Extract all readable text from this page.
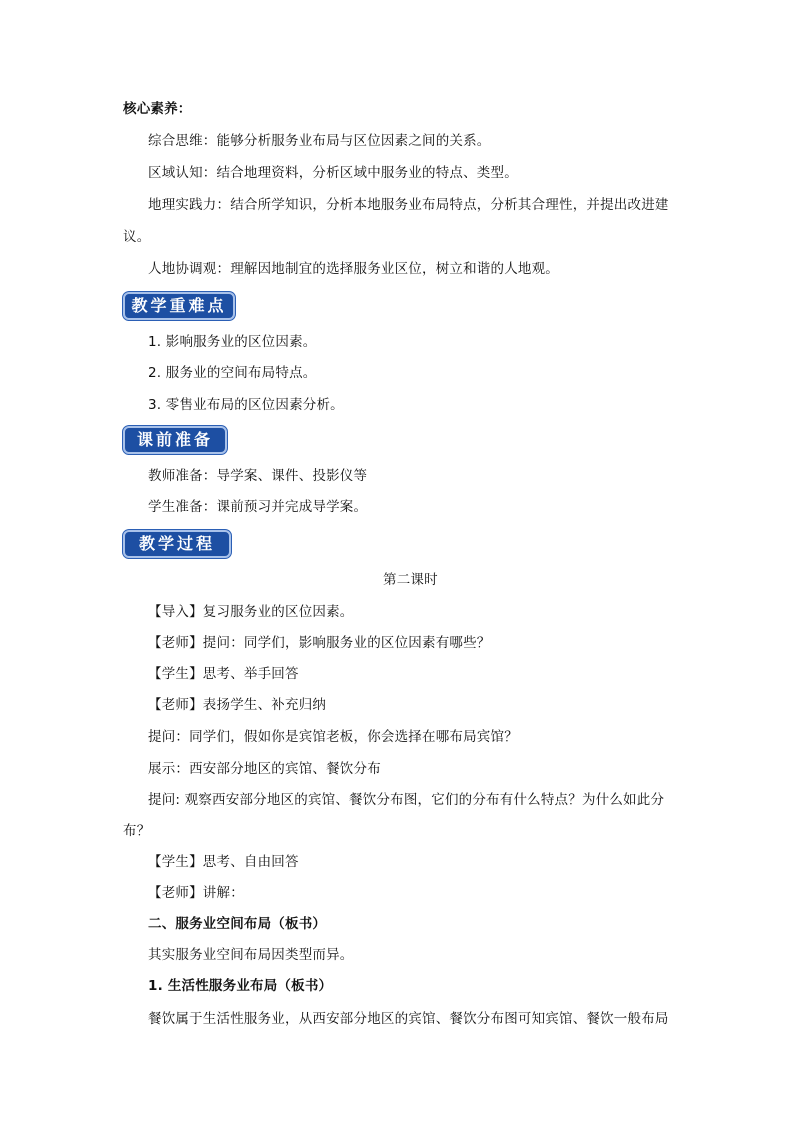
核心素养：
综合思维：能够分析服务业布局与区位因素之间的关系。
区域认知：结合地理资料，分析区域中服务业的特点、类型。
地理实践力：结合所学知识，分析本地服务业布局特点，分析其合理性，并提出改进建
议。
人地协调观：理解因地制宜的选择服务业区位，树立和谐的人地观。
教学重难点
1. 影响服务业的区位因素。
2. 服务业的空间布局特点。
3. 零售业布局的区位因素分析。
课前准备
教师准备：导学案、课件、投影仪等
学生准备：课前预习并完成导学案。
教学过程
第二课时
【导入】复习服务业的区位因素。
【老师】提问：同学们，影响服务业的区位因素有哪些？
【学生】思考、举手回答
【老师】表扬学生、补充归纳
提问：同学们，假如你是宾馆老板，你会选择在哪布局宾馆？
展示：西安部分地区的宾馆、餐饮分布
提问: 观察西安部分地区的宾馆、餐饮分布图，它们的分布有什么特点？为什么如此分
布？
【学生】思考、自由回答
【老师】讲解：
二、服务业空间布局（板书）
其实服务业空间布局因类型而异。
1. 生活性服务业布局（板书）
餐饮属于生活性服务业，从西安部分地区的宾馆、餐饮分布图可知宾馆、餐饮一般布局
